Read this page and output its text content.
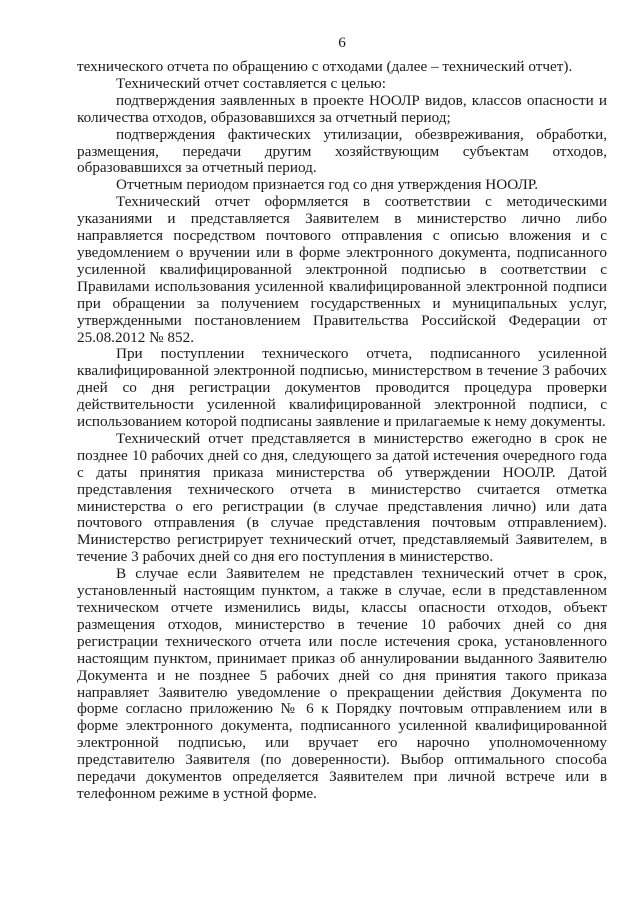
6

технического отчета по обращению с отходами (далее – технический отчет).

Технический отчет составляется с целью:

подтверждения заявленных в проекте НООЛР видов, классов опасности и количества отходов, образовавшихся за отчетный период;

подтверждения фактических утилизации, обезвреживания, обработки, размещения, передачи другим хозяйствующим субъектам отходов, образовавшихся за отчетный период.

Отчетным периодом признается год со дня утверждения НООЛР.

Технический отчет оформляется в соответствии с методическими указаниями и представляется Заявителем в министерство лично либо направляется посредством почтового отправления с описью вложения и с уведомлением о вручении или в форме электронного документа, подписанного усиленной квалифицированной электронной подписью в соответствии с Правилами использования усиленной квалифицированной электронной подписи при обращении за получением государственных и муниципальных услуг, утвержденными постановлением Правительства Российской Федерации от 25.08.2012 № 852.

При поступлении технического отчета, подписанного усиленной квалифицированной электронной подписью, министерством в течение 3 рабочих дней со дня регистрации документов проводится процедура проверки действительности усиленной квалифицированной электронной подписи, с использованием которой подписаны заявление и прилагаемые к нему документы.

Технический отчет представляется в министерство ежегодно в срок не позднее 10 рабочих дней со дня, следующего за датой истечения очередного года с даты принятия приказа министерства об утверждении НООЛР. Датой представления технического отчета в министерство считается отметка министерства о его регистрации (в случае представления лично) или дата почтового отправления (в случае представления почтовым отправлением). Министерство регистрирует технический отчет, представляемый Заявителем, в течение 3 рабочих дней со дня его поступления в министерство.

В случае если Заявителем не представлен технический отчет в срок, установленный настоящим пунктом, а также в случае, если в представленном техническом отчете изменились виды, классы опасности отходов, объект размещения отходов, министерство в течение 10 рабочих дней со дня регистрации технического отчета или после истечения срока, установленного настоящим пунктом, принимает приказ об аннулировании выданного Заявителю Документа и не позднее 5 рабочих дней со дня принятия такого приказа направляет Заявителю уведомление о прекращении действия Документа по форме согласно приложению № 6 к Порядку почтовым отправлением или в форме электронного документа, подписанного усиленной квалифицированной электронной подписью, или вручает его нарочно уполномоченному представителю Заявителя (по доверенности). Выбор оптимального способа передачи документов определяется Заявителем при личной встрече или в телефонном режиме в устной форме.
